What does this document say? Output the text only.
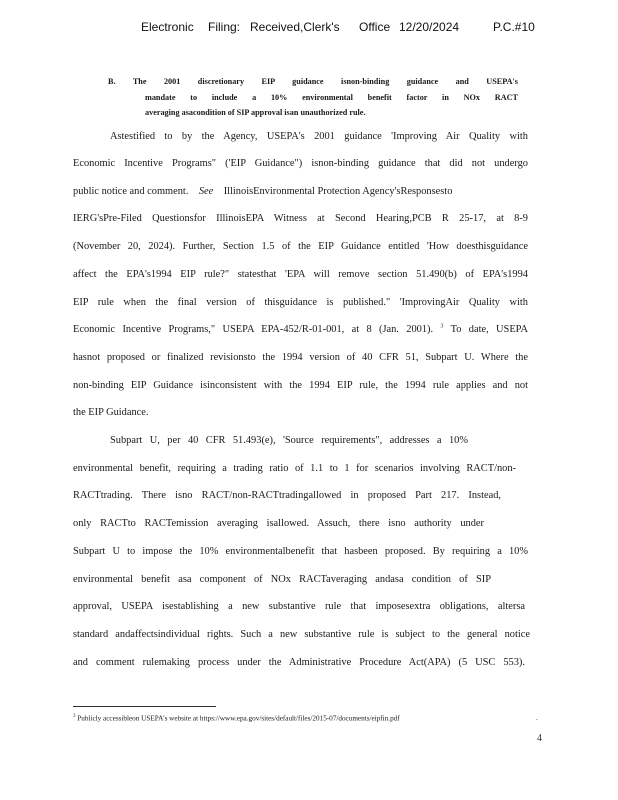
Electronic Filing: Received,Clerk's Office 12/20/2024	P.C.#10
B. The 2001 discretionary EIP guidance isnon-binding guidance and USEPA's
mandate to include a 10% environmental benefit factor in NOx RACT
averaging asacondition of SIP approval isan unauthorized rule.
Astestified to by the Agency, USEPA's 2001 guidance 'Improving Air Quality with
Economic Incentive Programs" ('EIP Guidance") isnon-binding guidance that did not undergo
public notice and comment. See IllinoisEnvironmental Protection Agency'sResponsesto
IERG'sPre-Filed Questionsfor IllinoisEPA Witness at Second Hearing,PCB R 25-17, at 8-9
(November 20, 2024). Further, Section 1.5 of the EIP Guidance entitled 'How doesthisguidance
affect the EPA's1994 EIP rule?" statesthat 'EPA will remove section 51.490(b) of EPA's1994
EIP rule when the final version of thisguidance is published." 'ImprovingAir Quality with
Economic Incentive Programs," USEPA EPA-452/R-01-001, at 8 (Jan. 2001). $^3$ To date, USEPA
hasnot proposed or finalized revisionsto the 1994 version of 40 CFR 51, Subpart U. Where the
non-binding EIP Guidance isinconsistent with the 1994 EIP rule, the 1994 rule applies and not
the EIP Guidance.
Subpart U, per 40 CFR 51.493(e), 'Source requirements", addresses a 10%
environmental benefit, requiring a trading ratio of 1.1 to 1 for scenarios involving RACT/non-
RACTtrading. There isno RACT/non-RACTtradingallowed in proposed Part 217. Instead,
only RACTto RACTemission averaging isallowed. Assuch, there isno authority under
Subpart U to impose the 10% environmentalbenefit that hasbeen proposed. By requiring a 10%
environmental benefit asa component of NOx RACTaveraging andasa condition of SIP
approval, USEPA isestablishing a new substantive rule that imposesextra obligations, altersa
standard andaffectsindividual rights. Such a new substantive rule is subject to the general notice
and comment rulemaking process under the Administrative Procedure Act(APA) (5 USC 553).
$^3$ Publicly accessibleon USEPA's website at https://www.epa.gov/sites/default/files/2015-07/documents/eipfin.pdf	.
4
